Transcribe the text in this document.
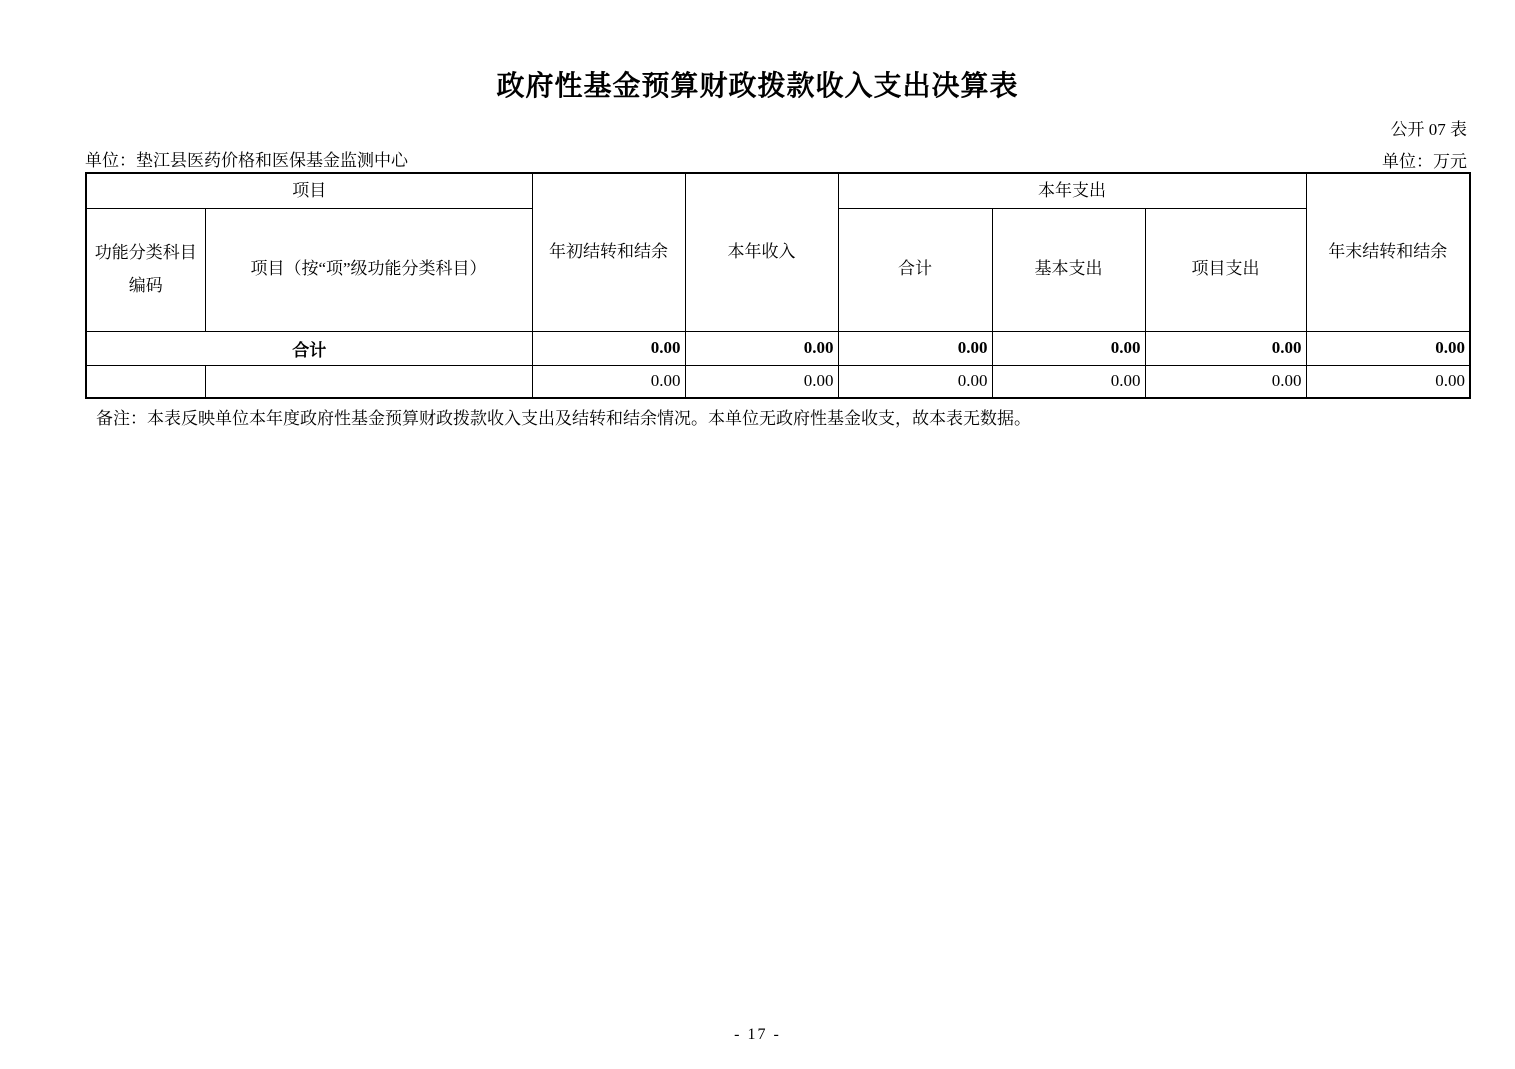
政府性基金预算财政拨款收入支出决算表
公开 07 表
单位：垫江县医药价格和医保基金监测中心	单位：万元
项目		年初结转和结余	本年收入	本年支出			年末结转和结余
功能分类科目编码	项目（按“项”级功能分类科目）			合计	基本支出	项目支出	
合计		0.00	0.00	0.00	0.00	0.00	0.00
		0.00	0.00	0.00	0.00	0.00	0.00
备注：本表反映单位本年度政府性基金预算财政拨款收入支出及结转和结余情况。本单位无政府性基金收支，故本表无数据。
- 17 -
